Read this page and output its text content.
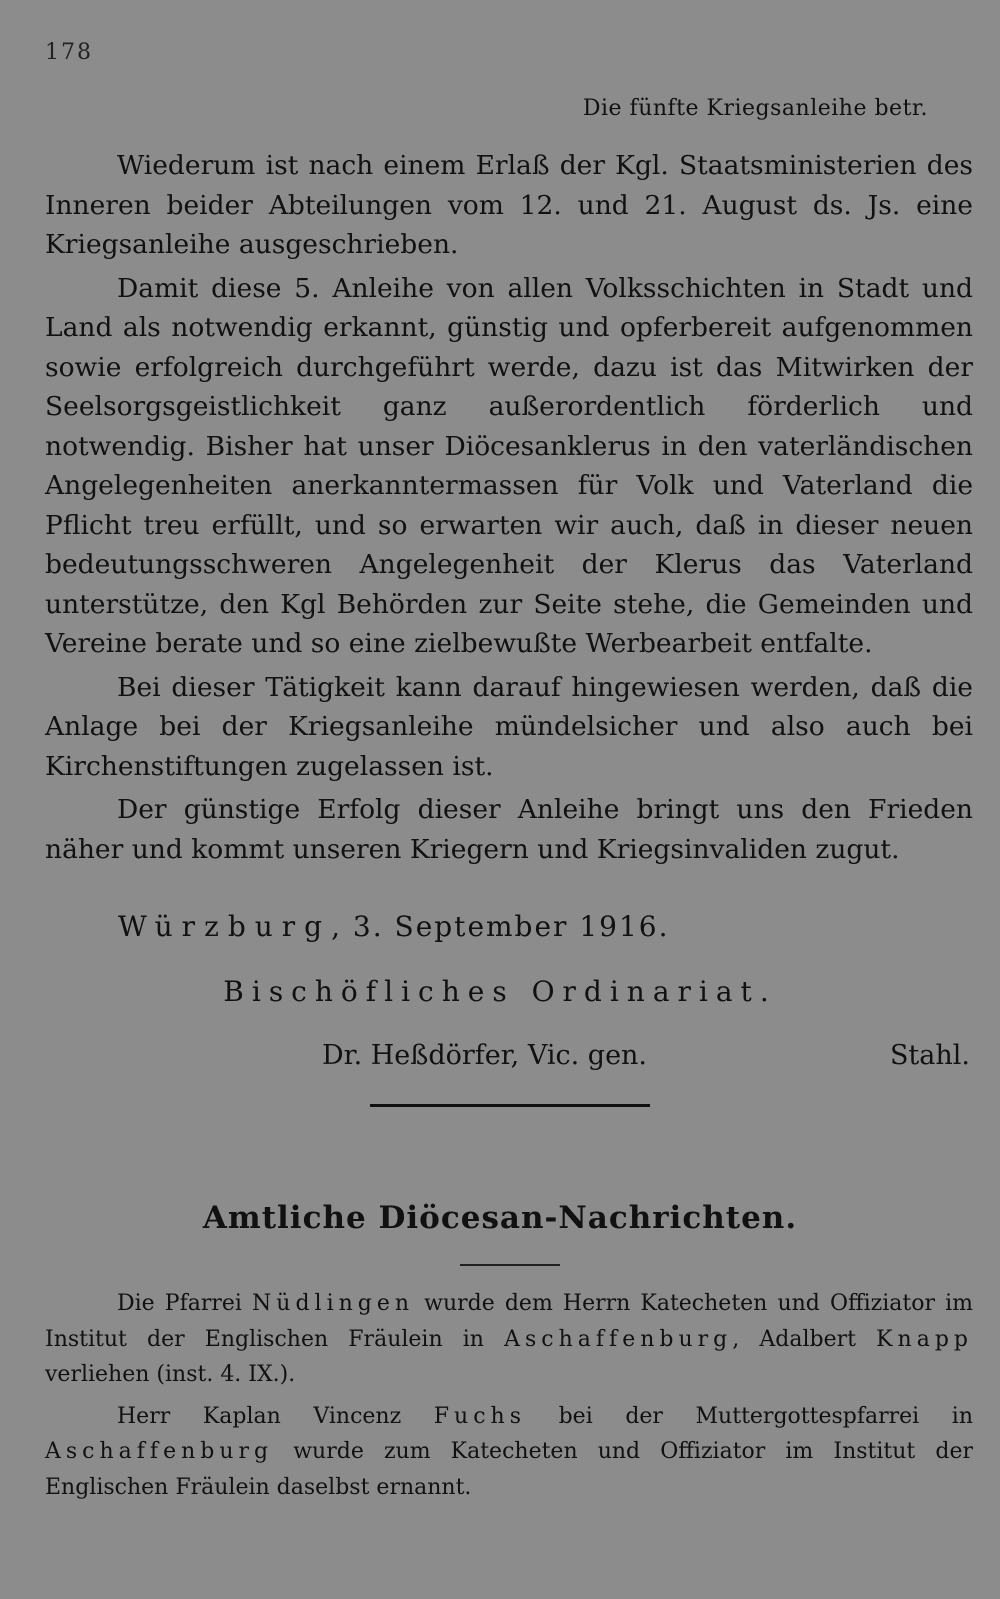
178
Die fünfte Kriegsanleihe betr.

Wiederum ist nach einem Erlaß der Kgl. Staatsministerien des Inneren beider Abteilungen vom 12. und 21. August ds. Js. eine Kriegsanleihe ausgeschrieben.

Damit diese 5. Anleihe von allen Volksschichten in Stadt und Land als notwendig erkannt, günstig und opferbereit aufgenommen sowie erfolgreich durchgeführt werde, dazu ist das Mitwirken der Seelsorgsgeistlichkeit ganz außerordentlich förderlich und notwendig. Bisher hat unser Diöcesanklerus in den vaterländischen Angelegenheiten anerkanntermassen für Volk und Vaterland die Pflicht treu erfüllt, und so erwarten wir auch, daß in dieser neuen bedeutungsschweren Angelegenheit der Klerus das Vaterland unterstütze, den Kgl Behörden zur Seite stehe, die Gemeinden und Vereine berate und so eine zielbewußte Werbearbeit entfalte.

Bei dieser Tätigkeit kann darauf hingewiesen werden, daß die Anlage bei der Kriegsanleihe mündelsicher und also auch bei Kirchenstiftungen zugelassen ist.

Der günstige Erfolg dieser Anleihe bringt uns den Frieden näher und kommt unseren Kriegern und Kriegsinvaliden zugut.

Würzburg, 3. September 1916.
Bischöfliches Ordinariat.
Dr. Heßdörfer, Vic. gen.	Stahl.
Amtliche Diöcesan-Nachrichten.

Die Pfarrei Nüdlingen wurde dem Herrn Katecheten und Offiziator im Institut der Englischen Fräulein in Aschaffenburg, Adalbert Knapp verliehen (inst. 4. IX.).

Herr Kaplan Vincenz Fuchs bei der Muttergottespfarrei in Aschaffenburg wurde zum Katecheten und Offiziator im Institut der Englischen Fräulein daselbst ernannt.
